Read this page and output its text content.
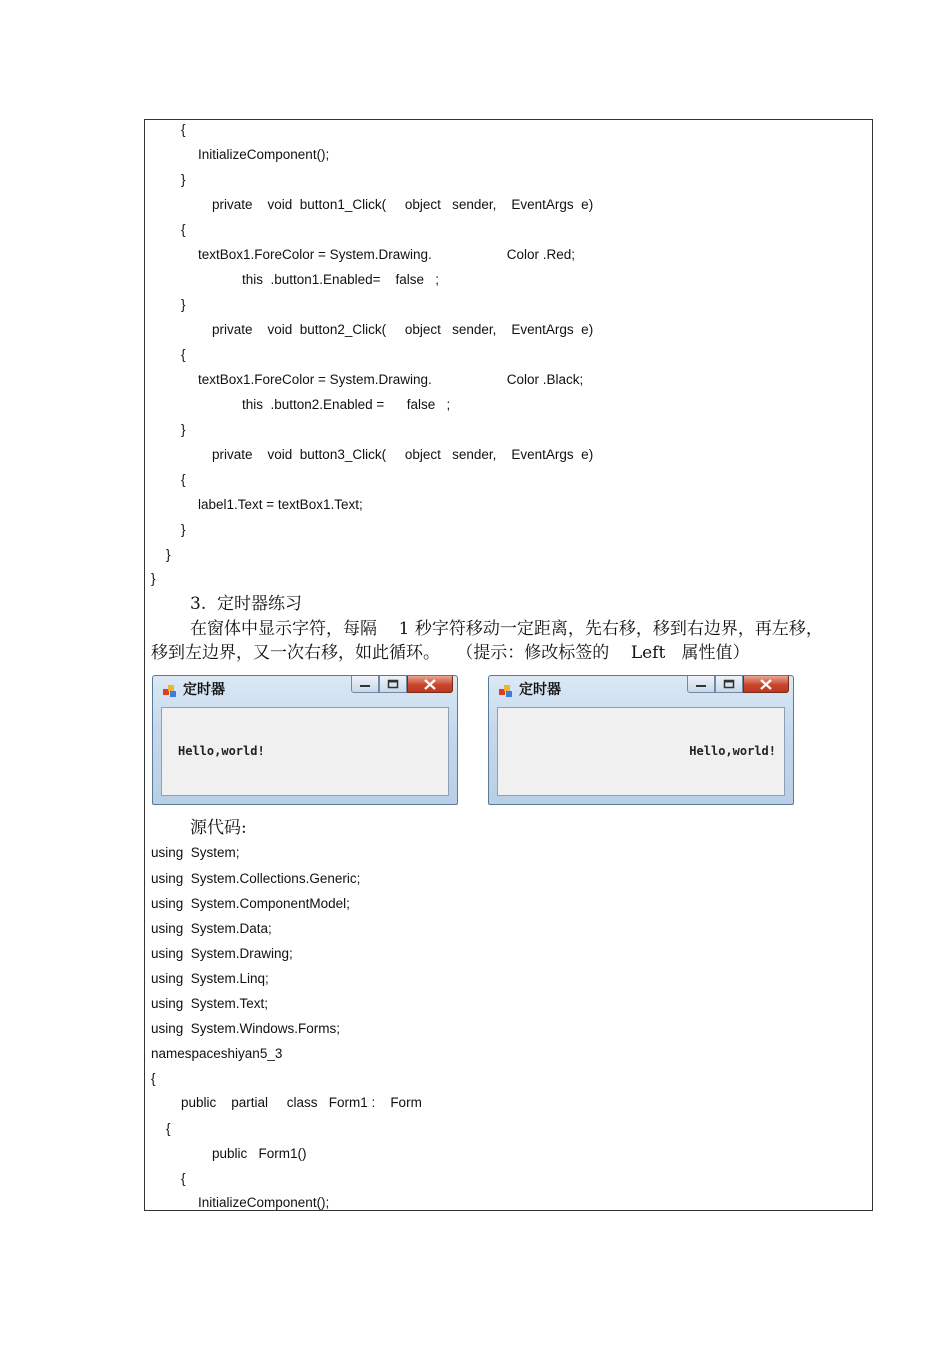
{
InitializeComponent();
}
private    void  button1_Click(     object   sender,    EventArgs  e)
{
textBox1.ForeColor = System.Drawing.                    Color .Red;
this  .button1.Enabled=    false   ;
}
private    void  button2_Click(     object   sender,    EventArgs  e)
{
textBox1.ForeColor = System.Drawing.                    Color .Black;
this  .button2.Enabled =      false   ;
}
private    void  button3_Click(     object   sender,    EventArgs  e)
{
label1.Text = textBox1.Text;
}
}
}
3.  定时器练习
在窗体中显示字符，每隔    1 秒字符移动一定距离，先右移，移到右边界，再左移，
移到左边界，又一次右移，如此循环。   （提示：修改标签的    Left   属性值）
定时器
Hello,world!
定时器
Hello,world!
源代码:
using  System;
using  System.Collections.Generic;
using  System.ComponentModel;
using  System.Data;
using  System.Drawing;
using  System.Linq;
using  System.Text;
using  System.Windows.Forms;
namespaceshiyan5_3
{
public    partial     class   Form1 :    Form
{
public   Form1()
{
InitializeComponent();
